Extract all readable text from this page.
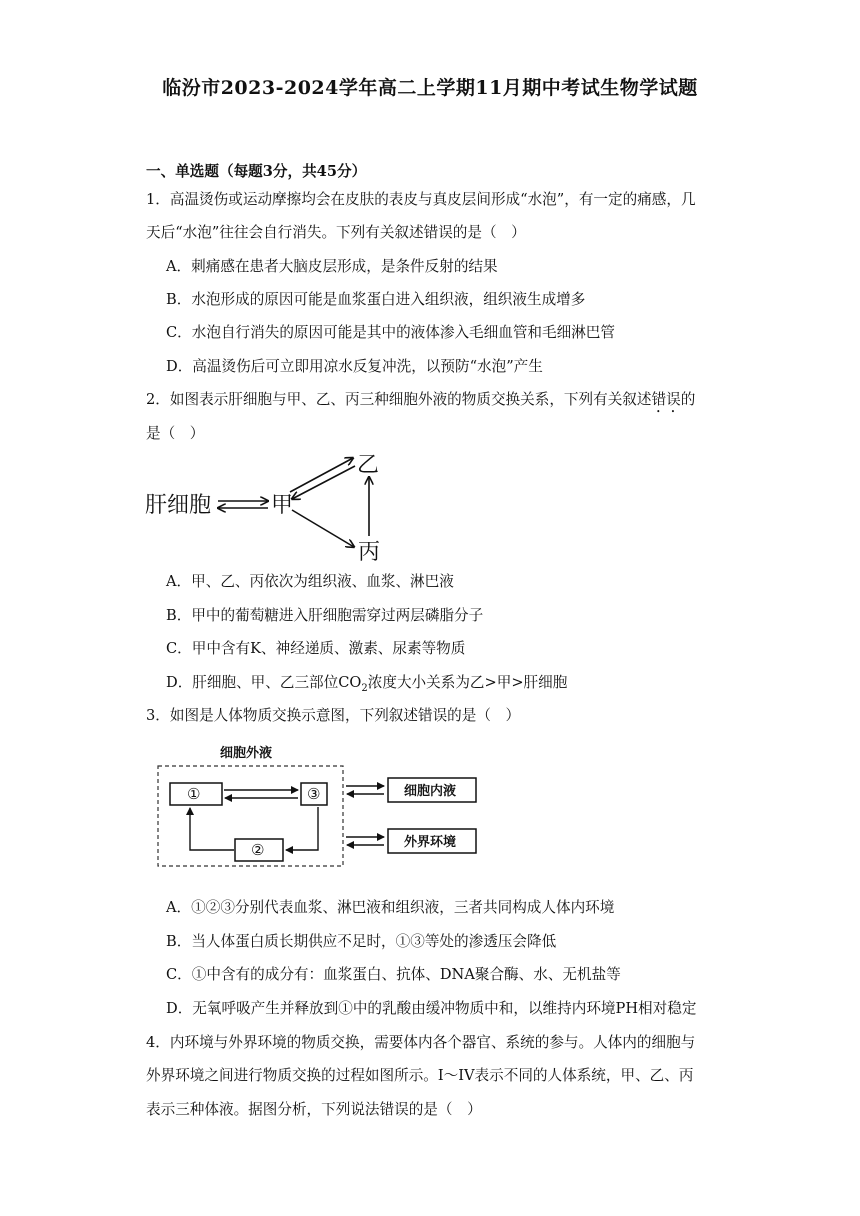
临汾市2023-2024学年高二上学期11月期中考试生物学试题
一、单选题（每题3分，共45分）
1．高温烫伤或运动摩擦均会在皮肤的表皮与真皮层间形成“水泡”，有一定的痛感，几
天后“水泡”往往会自行消失。下列有关叙述错误的是（　）
A．刺痛感在患者大脑皮层形成，是条件反射的结果
B．水泡形成的原因可能是血浆蛋白进入组织液，组织液生成增多
C．水泡自行消失的原因可能是其中的液体渗入毛细血管和毛细淋巴管
D．高温烫伤后可立即用凉水反复冲洗，以预防“水泡”产生
2．如图表示肝细胞与甲、乙、丙三种细胞外液的物质交换关系，下列有关叙述错误的
是（　）
肝细胞	甲
乙
丙
A．甲、乙、丙依次为组织液、血浆、淋巴液
B．甲中的葡萄糖进入肝细胞需穿过两层磷脂分子
C．甲中含有K、神经递质、激素、尿素等物质
D．肝细胞、甲、乙三部位$CO_2$浓度大小关系为乙>甲>肝细胞
3．如图是人体物质交换示意图，下列叙述错误的是（　）
细胞外液
①	③
②
细胞内液
外界环境
A．①②③分别代表血浆、淋巴液和组织液，三者共同构成人体内环境
B．当人体蛋白质长期供应不足时，①③等处的渗透压会降低
C．①中含有的成分有：血浆蛋白、抗体、DNA聚合酶、水、无机盐等
D．无氧呼吸产生并释放到①中的乳酸由缓冲物质中和，以维持内环境PH相对稳定
4．内环境与外界环境的物质交换，需要体内各个器官、系统的参与。人体内的细胞与
外界环境之间进行物质交换的过程如图所示。I～IV表示不同的人体系统，甲、乙、丙
表示三种体液。据图分析，下列说法错误的是（　）
